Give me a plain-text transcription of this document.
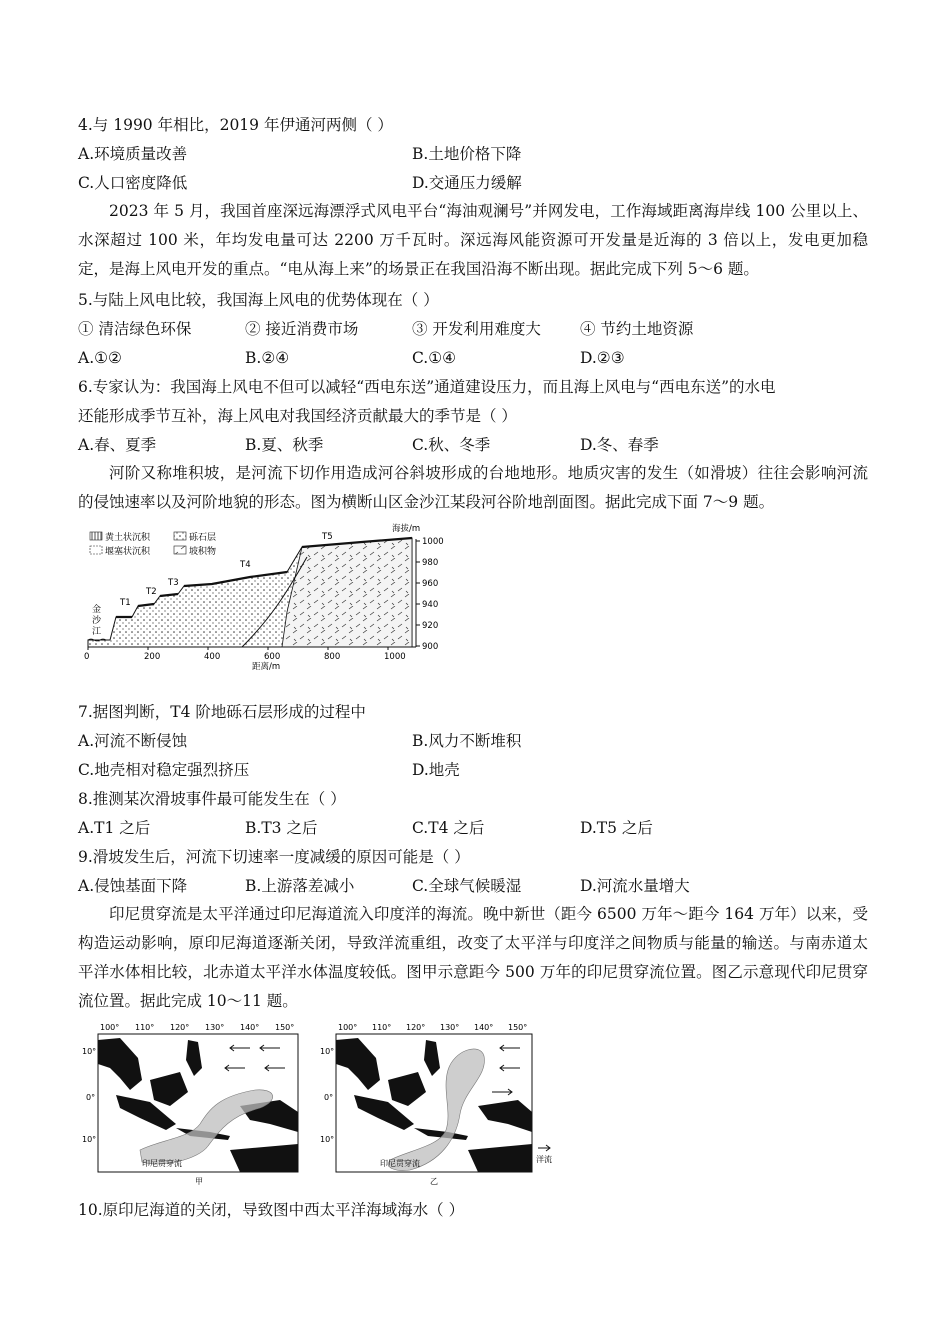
4.与 1990 年相比，2019 年伊通河两侧（ ）
A.环境质量改善	B.土地价格下降
C.人口密度降低	D.交通压力缓解

2023 年 5 月，我国首座深远海漂浮式风电平台“海油观澜号”并网发电，工作海域距离海岸线 100 公里以上、水深超过 100 米，年均发电量可达 2200 万千瓦时。深远海风能资源可开发量是近海的 3 倍以上，发电更加稳定，是海上风电开发的重点。“电从海上来”的场景正在我国沿海不断出现。据此完成下列 5～6 题。

5.与陆上风电比较，我国海上风电的优势体现在（ ）
① 清洁绿色环保	② 接近消费市场	③ 开发利用难度大	④ 节约土地资源
A.①②	B.②④	C.①④	D.②③
6.专家认为：我国海上风电不但可以减轻“西电东送”通道建设压力，而且海上风电与“西电东送”的水电
还能形成季节互补，海上风电对我国经济贡献最大的季节是（ ）
A.春、夏季	B.夏、秋季	C.秋、冬季	D.冬、春季

河阶又称堆积坡，是河流下切作用造成河谷斜坡形成的台地地形。地质灾害的发生（如滑坡）往往会影响河流的侵蚀速率以及河阶地貌的形态。图为横断山区金沙江某段河谷阶地剖面图。据此完成下面 7～9 题。

黄土状沉积	砾石层
堰塞状沉积	坡积物
T1
T2
T3
T4
T5
金
沙
江
海拔/m
1000
980
960
940
920
900
0	200	400	600	800	1000
距离/m
7.据图判断，T4 阶地砾石层形成的过程中
A.河流不断侵蚀	B.风力不断堆积
C.地壳相对稳定强烈挤压	D.地壳
8.推测某次滑坡事件最可能发生在（ ）
A.T1 之后	B.T3 之后	C.T4 之后	D.T5 之后
9.滑坡发生后，河流下切速率一度减缓的原因可能是（ ）
A.侵蚀基面下降	B.上游落差减小	C.全球气候暖湿	D.河流水量增大

印尼贯穿流是太平洋通过印尼海道流入印度洋的海流。晚中新世（距今 6500 万年～距今 164 万年）以来，受构造运动影响，原印尼海道逐渐关闭，导致洋流重组，改变了太平洋与印度洋之间物质与能量的输送。与南赤道太平洋水体相比较，北赤道太平洋水体温度较低。图甲示意距今 500 万年的印尼贯穿流位置。图乙示意现代印尼贯穿流位置。据此完成 10～11 题。

100° 110° 120° 130° 140° 150°
10°
0°
10°
印尼贯穿流
甲
100° 110° 120° 130° 140° 150°
10°
0°
10°
印尼贯穿流
乙
洋流
10.原印尼海道的关闭，导致图中西太平洋海域海水（ ）
